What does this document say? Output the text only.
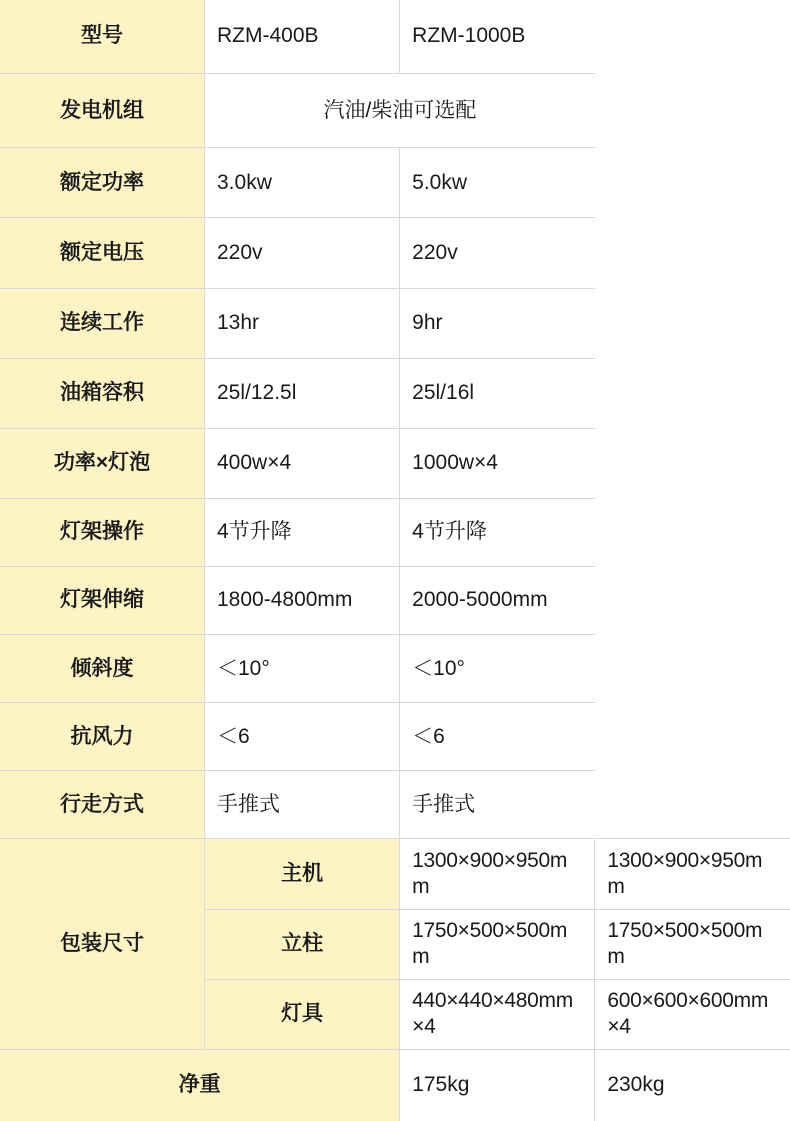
型号	RZM-400B	RZM-1000B	
发电机组	汽油/柴油可选配		
额定功率	3.0kw	5.0kw	
额定电压	220v	220v	
连续工作	13hr	9hr	
油箱容积	25l/12.5l	25l/16l	
功率×灯泡	400w×4	1000w×4	
灯架操作	4节升降	4节升降	
灯架伸缩	1800-4800mm	2000-5000mm	
倾斜度	＜10°	＜10°	
抗风力	＜6	＜6	
行走方式	手推式	手推式	
包装尺寸	主机	1300×900×950mm	1300×900×950mm
	立柱	1750×500×500mm	1750×500×500mm
	灯具	440×440×480mm×4	600×600×600mm×4
净重		175kg	230kg
